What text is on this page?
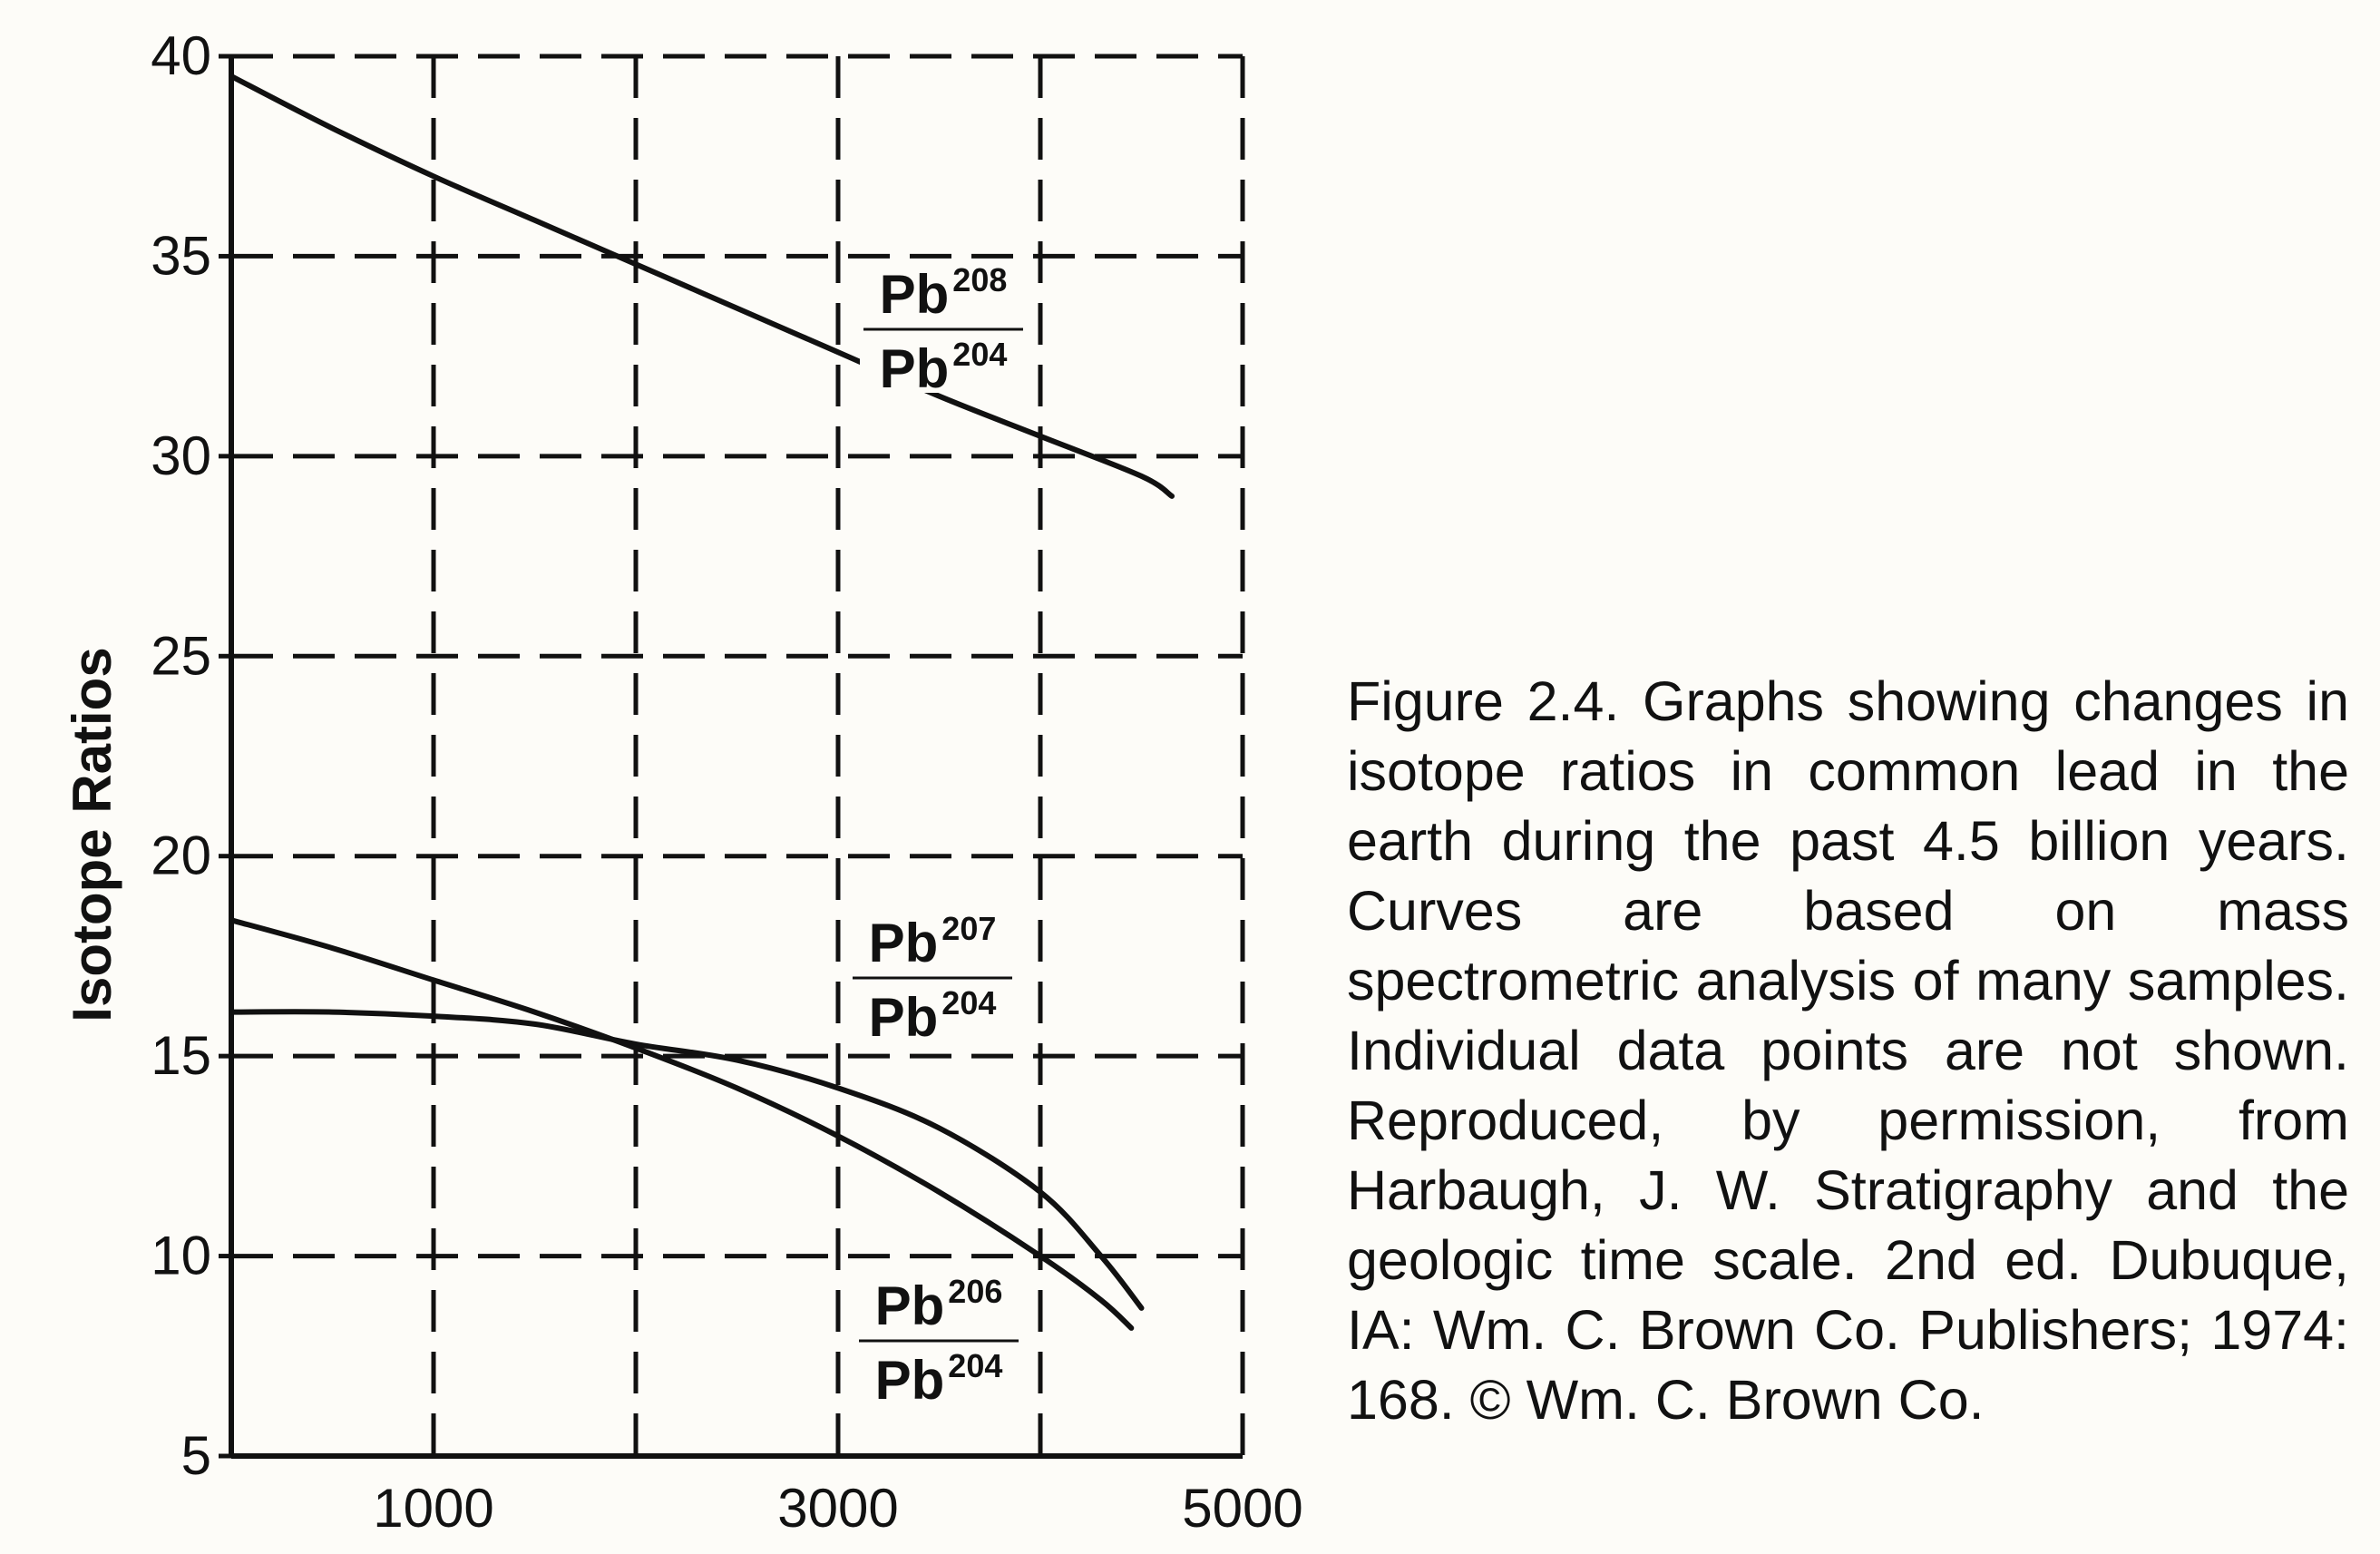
5
10
15
20
25
30
35
40
1000	3000	5000
Pb 208
Pb 204
Pb 207
Pb 204
Pb 206
Pb 204
Isotope Ratios	Figure 2.4. Graphs showing changes in isotope ratios in common lead in the earth during the past 4.5 billion years. Curves are based on mass spectrometric analysis of many samples. Individual data points are not shown. Reproduced, by permission, from Harbaugh, J. W. Stratigraphy and the geologic time scale. 2nd ed. Dubuque, IA: Wm. C. Brown Co. Publishers; 1974: 168. © Wm. C. Brown Co.
